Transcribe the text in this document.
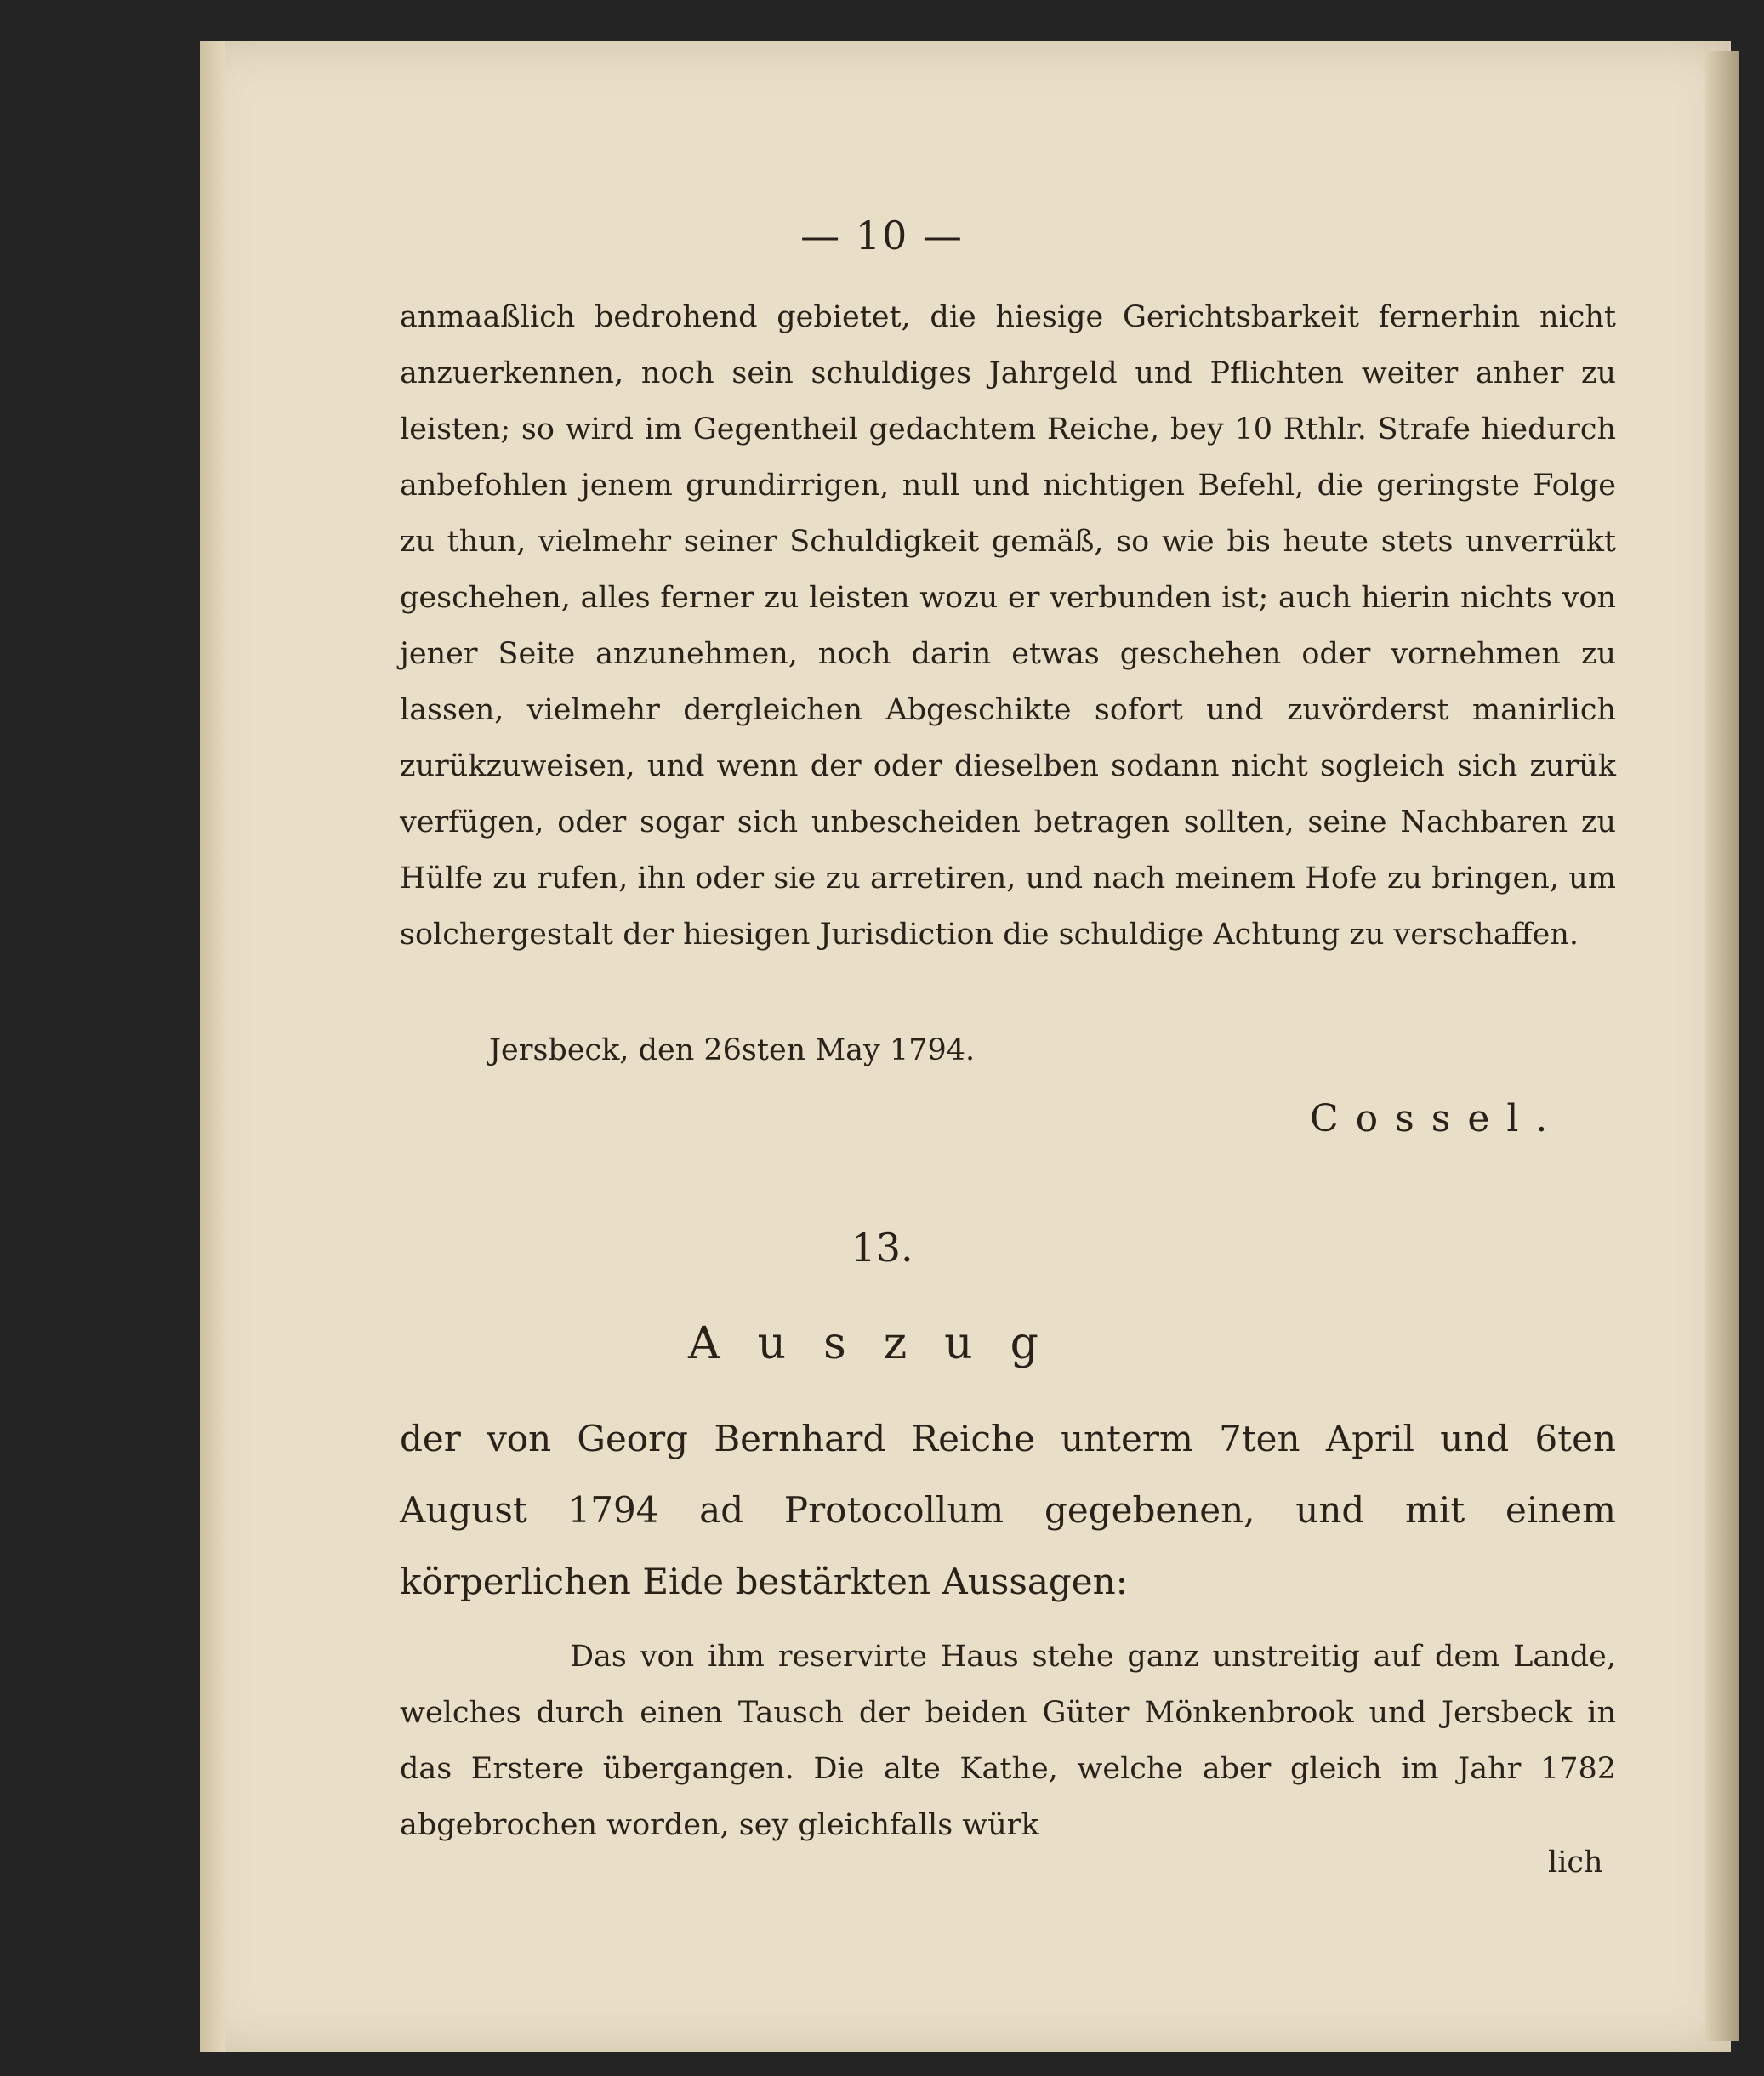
— 10 —
anmaaßlich bedrohend gebietet, die hiesige Gerichtsbarkeit fernerhin nicht anzuerkennen, noch sein schuldiges Jahrgeld und Pflichten weiter anher zu leisten; so wird im Gegentheil gedachtem Reiche, bey 10 Rthlr. Strafe hiedurch anbefohlen jenem grundirrigen, null und nichtigen Befehl, die geringste Folge zu thun, vielmehr seiner Schuldigkeit gemäß, so wie bis heute stets unverrükt geschehen, alles ferner zu leisten wozu er verbunden ist; auch hierin nichts von jener Seite anzunehmen, noch darin etwas geschehen oder vornehmen zu lassen, vielmehr dergleichen Abgeschikte sofort und zuvörderst manirlich zurükzuweisen, und wenn der oder dieselben sodann nicht sogleich sich zurük verfügen, oder sogar sich unbescheiden betragen sollten, seine Nachbaren zu Hülfe zu rufen, ihn oder sie zu arretiren, und nach meinem Hofe zu bringen, um solchergestalt der hiesigen Jurisdiction die schuldige Achtung zu verschaffen.
Jersbeck, den 26sten May 1794.
Cossel.
13.
Auszug
der von Georg Bernhard Reiche unterm 7ten April und 6ten August 1794 ad Protocollum gegebenen, und mit einem körperlichen Eide bestärkten Aussagen:
Das von ihm reservirte Haus stehe ganz unstreitig auf dem Lande, welches durch einen Tausch der beiden Güter Mönkenbrook und Jersbeck in das Erstere übergangen. Die alte Kathe, welche aber gleich im Jahr 1782 abgebrochen worden, sey gleichfalls würk
lich
